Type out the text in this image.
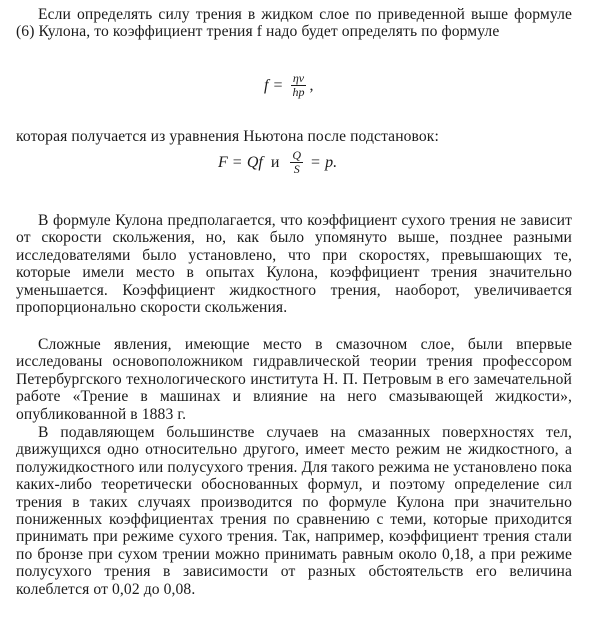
Если определять силу трения в жидком слое по приведенной выше формуле (6) Кулона, то коэффициент трения f надо будет определять по формуле

$f = \frac{\eta v}{hp}$ ,

которая получается из уравнения Ньютона после подстановок:

F = Qf и $\frac{Q}{S} = p$.

В формуле Кулона предполагается, что коэффициент сухого трения не зависит от скорости скольжения, но, как было упомянуто выше, позднее разными исследователями было установлено, что при скоростях, превышающих те, которые имели место в опытах Кулона, коэффициент трения значительно уменьшается. Коэффициент жидкостного трения, наоборот, увеличивается пропорционально скорости скольжения.

Сложные явления, имеющие место в смазочном слое, были впервые исследованы основоположником гидравлической теории трения профессором Петербургского технологического института Н. П. Петровым в его замечательной работе «Трение в машинах и влияние на него смазывающей жидкости», опубликованной в 1883 г.

В подавляющем большинстве случаев на смазанных поверхностях тел, движущихся одно относительно другого, имеет место режим не жидкостного, а полужидкостного или полусухого трения. Для такого режима не установлено пока каких-либо теоретически обоснованных формул, и поэтому определение сил трения в таких случаях производится по формуле Кулона при значительно пониженных коэффициентах трения по сравнению с теми, которые приходится принимать при режиме сухого трения. Так, например, коэффициент трения стали по бронзе при сухом трении можно принимать равным около 0,18, а при режиме полусухого трения в зависимости от разных обстоятельств его величина колеблется от 0,02 до 0,08.
